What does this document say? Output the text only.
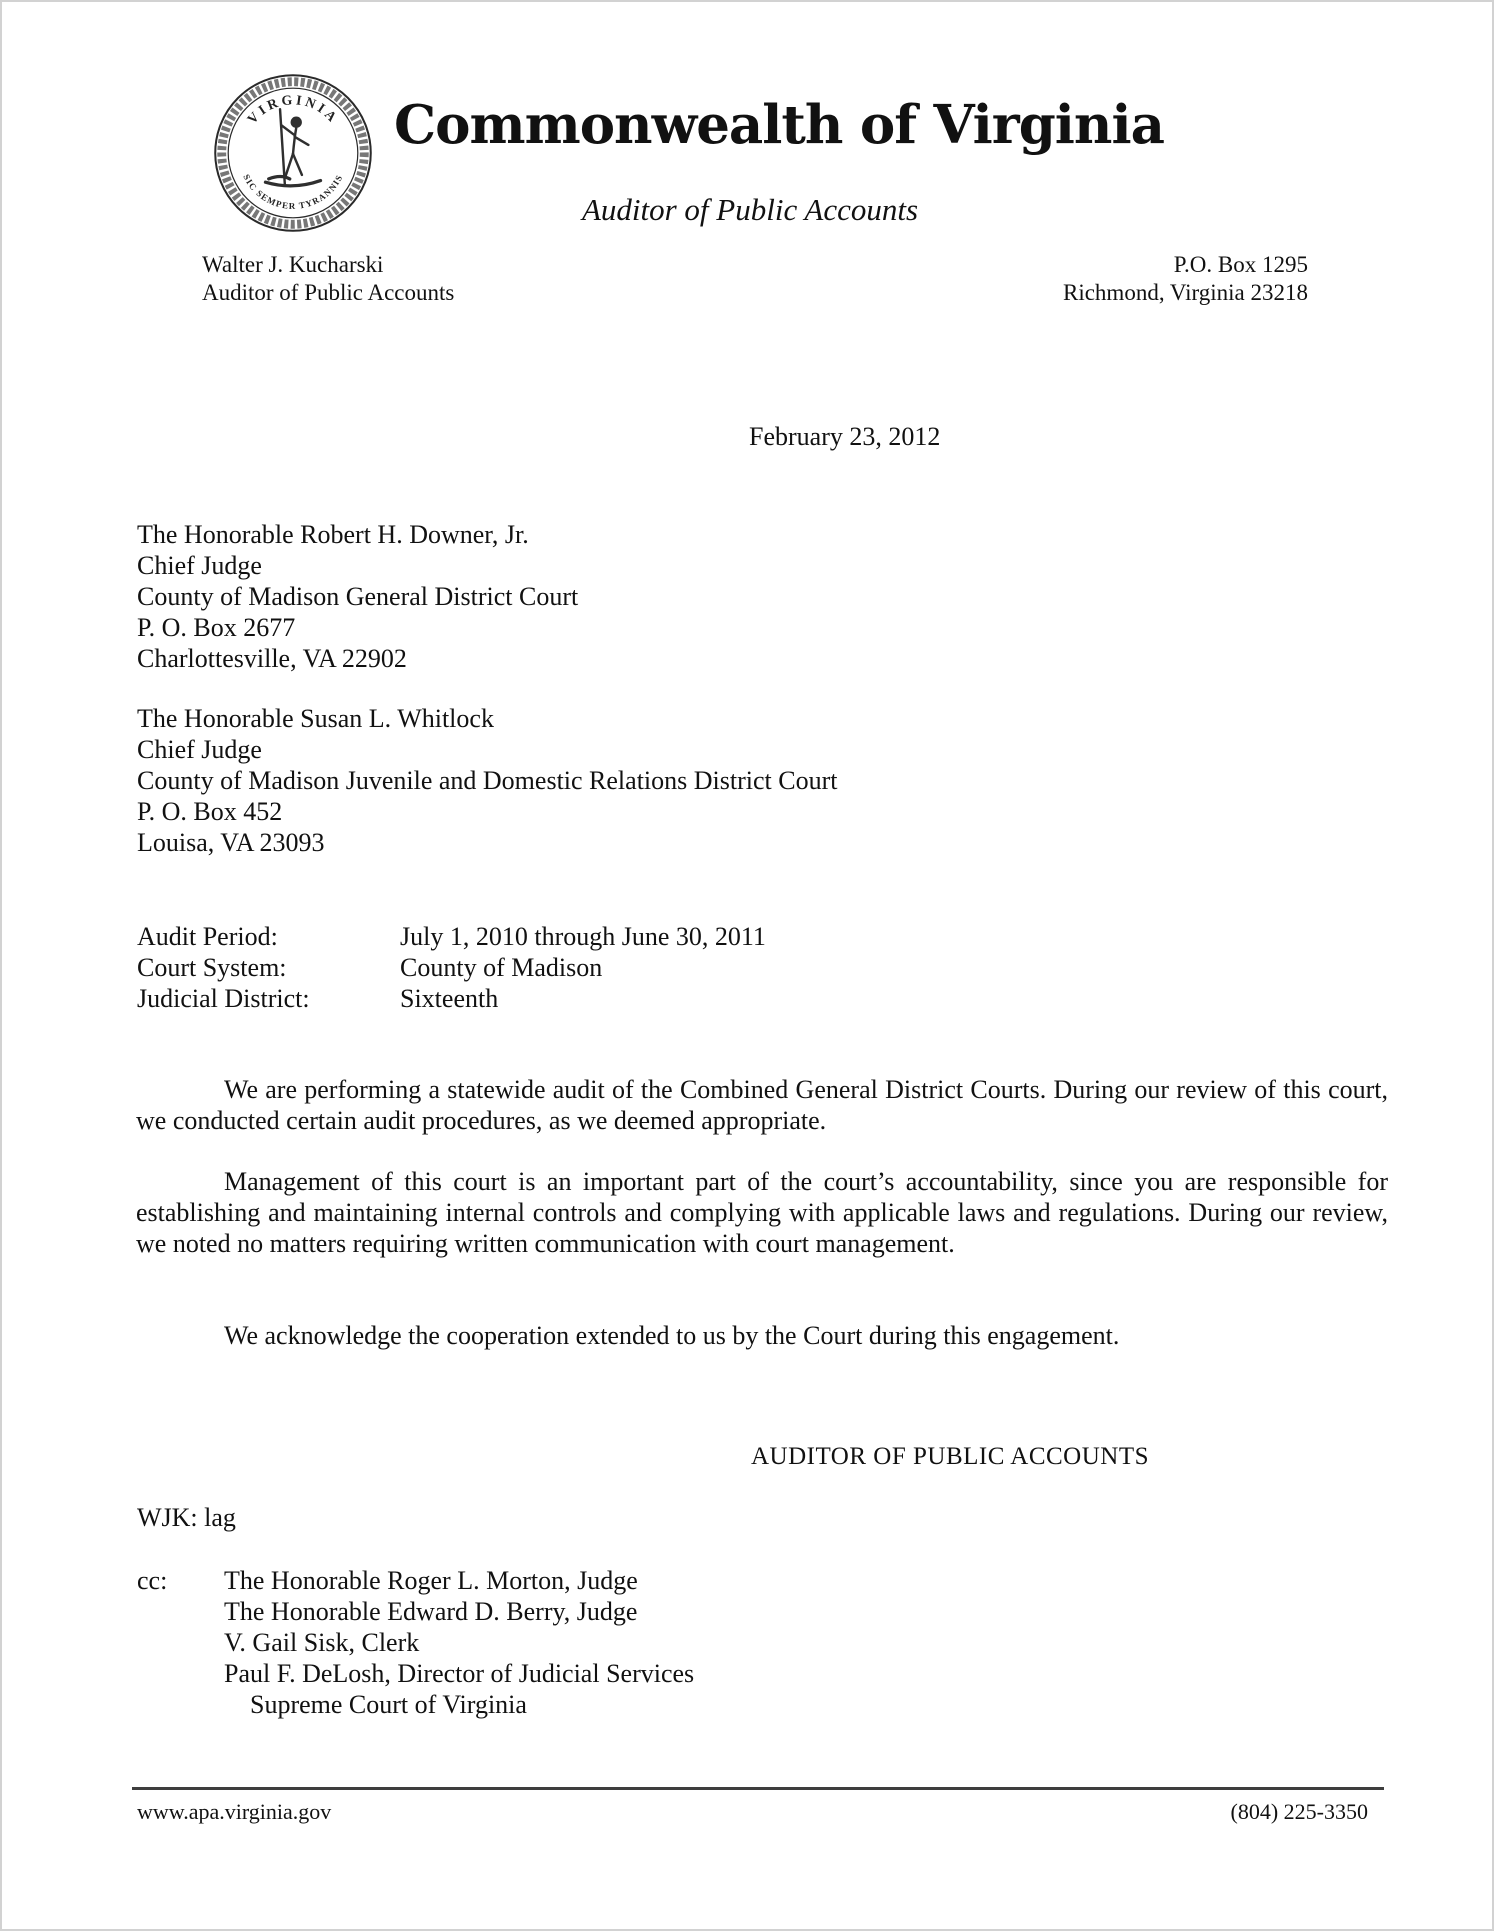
VIRGINIA
SIC SEMPER TYRANNIS
Commonwealth of Virginia
Auditor of Public Accounts
Walter J. Kucharski
Auditor of Public Accounts
P.O. Box 1295
Richmond, Virginia 23218
February 23, 2012
The Honorable Robert H. Downer, Jr.
Chief Judge
County of Madison General District Court
P. O. Box 2677
Charlottesville, VA 22902
The Honorable Susan L. Whitlock
Chief Judge
County of Madison Juvenile and Domestic Relations District Court
P. O. Box 452
Louisa, VA 23093
Audit Period:	July 1, 2010 through June 30, 2011
Court System:	County of Madison
Judicial District:	Sixteenth

We are performing a statewide audit of the Combined General District Courts. During our review of this court, we conducted certain audit procedures, as we deemed appropriate.

Management of this court is an important part of the court’s accountability, since you are responsible for establishing and maintaining internal controls and complying with applicable laws and regulations. During our review, we noted no matters requiring written communication with court management.

We acknowledge the cooperation extended to us by the Court during this engagement.

AUDITOR OF PUBLIC ACCOUNTS
WJK: lag
cc:	The Honorable Roger L. Morton, Judge
The Honorable Edward D. Berry, Judge
V. Gail Sisk, Clerk
Paul F. DeLosh, Director of Judicial Services
Supreme Court of Virginia
www.apa.virginia.gov	(804) 225-3350
